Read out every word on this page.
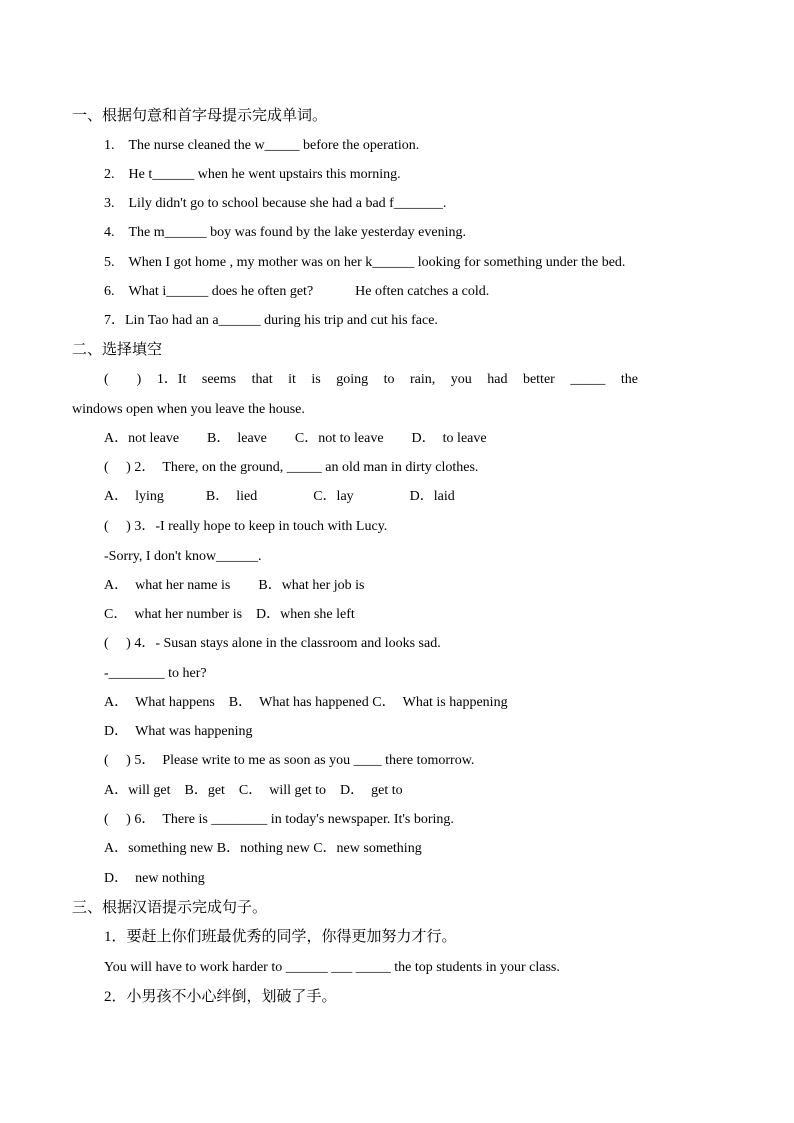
一、根据句意和首字母提示完成单词。
1.　The nurse cleaned the w_____ before the operation.
2.　He t______ when he went upstairs this morning.
3.　Lily didn't go to school because she had a bad f_______.
4.　The m______ boy was found by the lake yesterday evening.
5.　When I got home , my mother was on her k______ looking for something under the bed.
6.　What i______ does he often get?　　　He often catches a cold.
7．Lin Tao had an a______ during his trip and cut his face.
二、选择填空
(　　) 1．It seems that it is going to rain, you had better _____ the
windows open when you leave the house.
A．not leave　　B．　leave　　C．not to leave　　D．　to leave
(　 ) 2．　There, on the ground, _____ an old man in dirty clothes.
A．　lying　　　B．　lied　　　　C．lay　　　　D．laid
(　 ) 3．-I really hope to keep in touch with Lucy.
-Sorry, I don't know______.
A．　what her name is　　B．what her job is
C．　what her number is　D．when she left
(　 ) 4．- Susan stays alone in the classroom and looks sad.
-________ to her?
A．　What happens　B．　What has happened C．　What is happening
D．　What was happening
(　 ) 5．　Please write to me as soon as you ____ there tomorrow.
A．will get　B．get　C．　will get to　D．　get to
(　 ) 6．　There is ________ in today's newspaper. It's boring.
A．something new B．nothing new C．new something
D．　new nothing
三、根据汉语提示完成句子。
1．要赶上你们班最优秀的同学，你得更加努力才行。
You will have to work harder to ______ ___ _____ the top students in your class.
2．小男孩不小心绊倒，划破了手。
